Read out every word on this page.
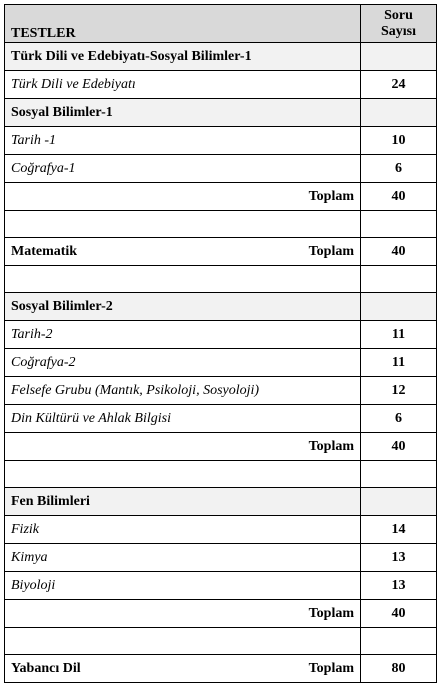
TESTLER	Soru
Sayısı
Türk Dili ve Edebiyatı-Sosyal Bilimler-1	
Türk Dili ve Edebiyatı	24
Sosyal Bilimler-1	
Tarih -1	10
Coğrafya-1	6
Toplam	40

Matematik Toplam	40

Sosyal Bilimler-2	
Tarih-2	11
Coğrafya-2	11
Felsefe Grubu (Mantık, Psikoloji, Sosyoloji)	12
Din Kültürü ve Ahlak Bilgisi	6
Toplam	40

Fen Bilimleri	
Fizik	14
Kimya	13
Biyoloji	13
Toplam	40

Yabancı Dil Toplam	80
